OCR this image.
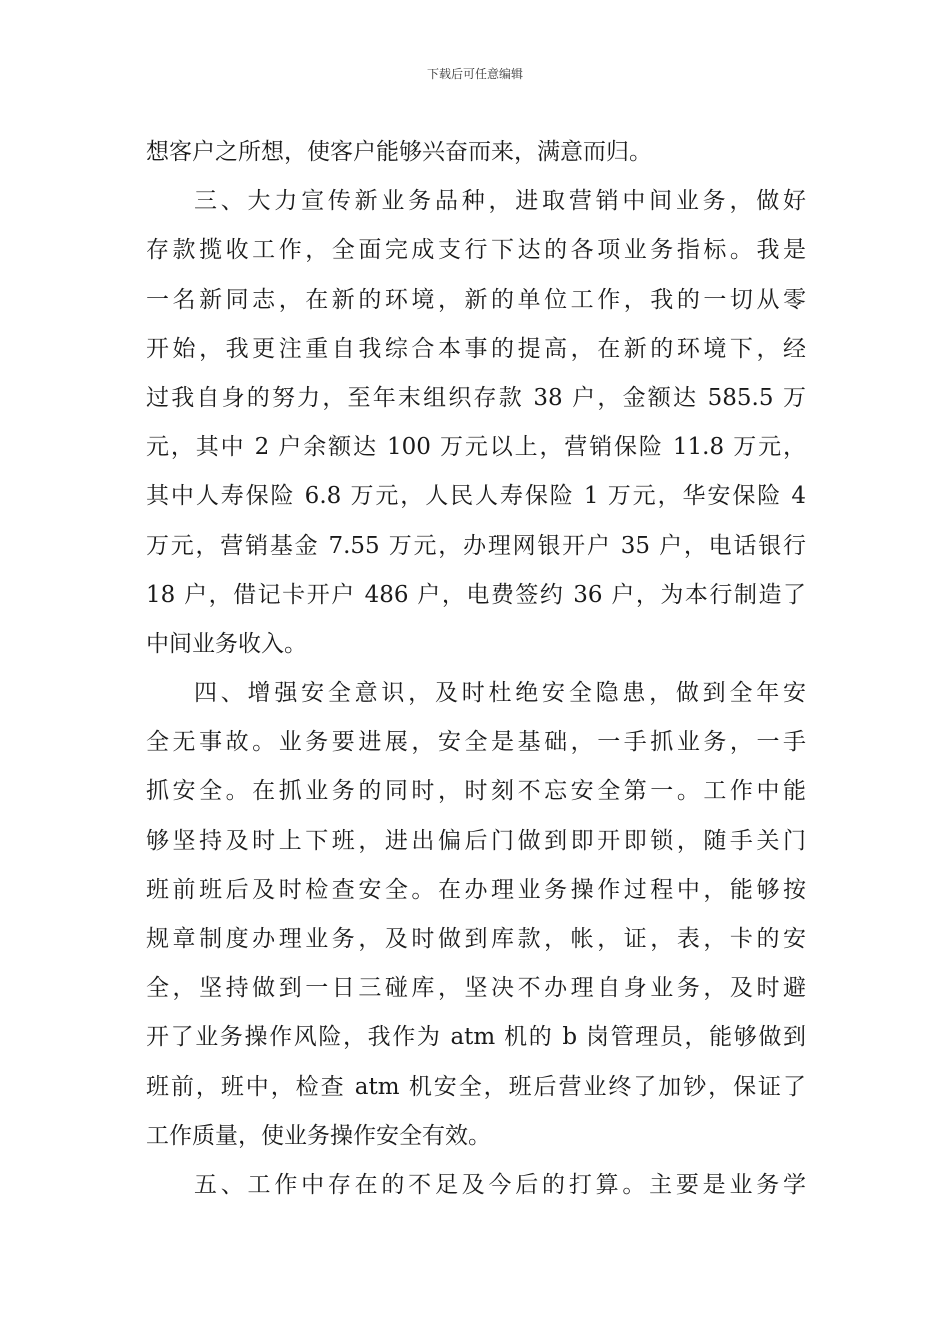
下载后可任意编辑
想客户之所想，使客户能够兴奋而来，满意而归。
三、大力宣传新业务品种，进取营销中间业务，做好
存款揽收工作，全面完成支行下达的各项业务指标。我是
一名新同志，在新的环境，新的单位工作，我的一切从零
开始，我更注重自我综合本事的提高，在新的环境下，经
过我自身的努力，至年末组织存款 38 户，金额达 585.5 万
元，其中 2 户余额达 100 万元以上，营销保险 11.8 万元，
其中人寿保险 6.8 万元，人民人寿保险 1 万元，华安保险 4
万元，营销基金 7.55 万元，办理网银开户 35 户，电话银行
18 户，借记卡开户 486 户，电费签约 36 户，为本行制造了
中间业务收入。
四、增强安全意识，及时杜绝安全隐患，做到全年安
全无事故。业务要进展，安全是基础，一手抓业务，一手
抓安全。在抓业务的同时，时刻不忘安全第一。工作中能
够坚持及时上下班，进出偏后门做到即开即锁，随手关门
班前班后及时检查安全。在办理业务操作过程中，能够按
规章制度办理业务，及时做到库款，帐，证，表，卡的安
全，坚持做到一日三碰库，坚决不办理自身业务，及时避
开了业务操作风险，我作为 atm 机的 b 岗管理员，能够做到
班前，班中，检查 atm 机安全，班后营业终了加钞，保证了
工作质量，使业务操作安全有效。
五、工作中存在的不足及今后的打算。主要是业务学
